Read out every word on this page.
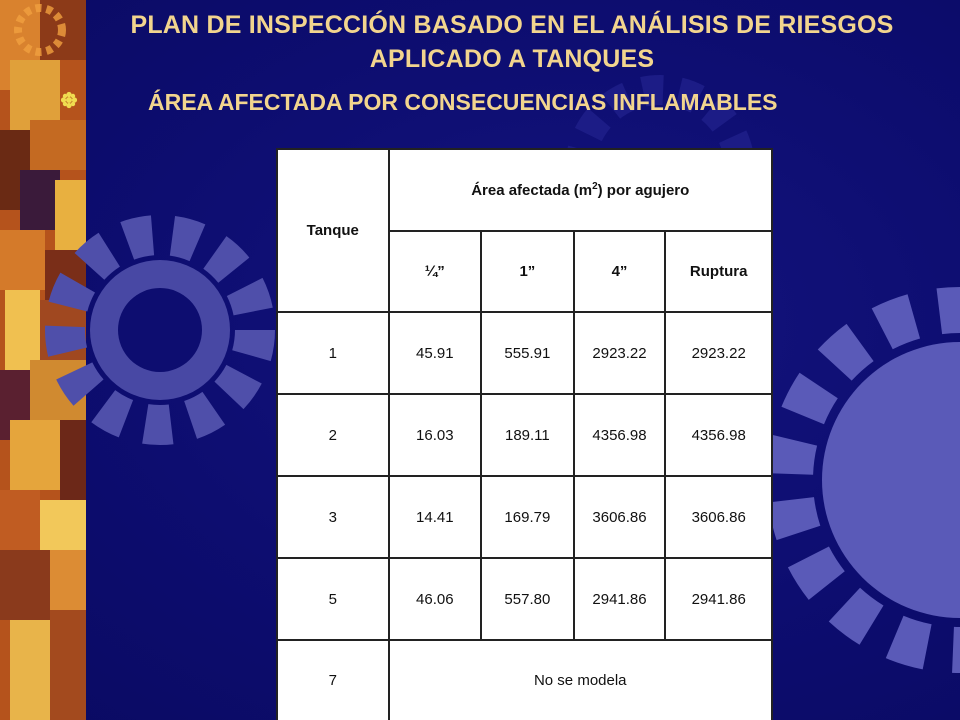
PLAN DE INSPECCIÓN BASADO EN EL ANÁLISIS DE RIESGOS APLICADO A TANQUES
ÁREA AFECTADA POR CONSECUENCIAS INFLAMABLES
Tanque	Área afectada $(m^2)$ por agujero			
	¼”	1”	4”	Ruptura
1	45.91	555.91	2923.22	2923.22
2	16.03	189.11	4356.98	4356.98
3	14.41	169.79	3606.86	3606.86
5	46.06	557.80	2941.86	2941.86
7	No se modela			
